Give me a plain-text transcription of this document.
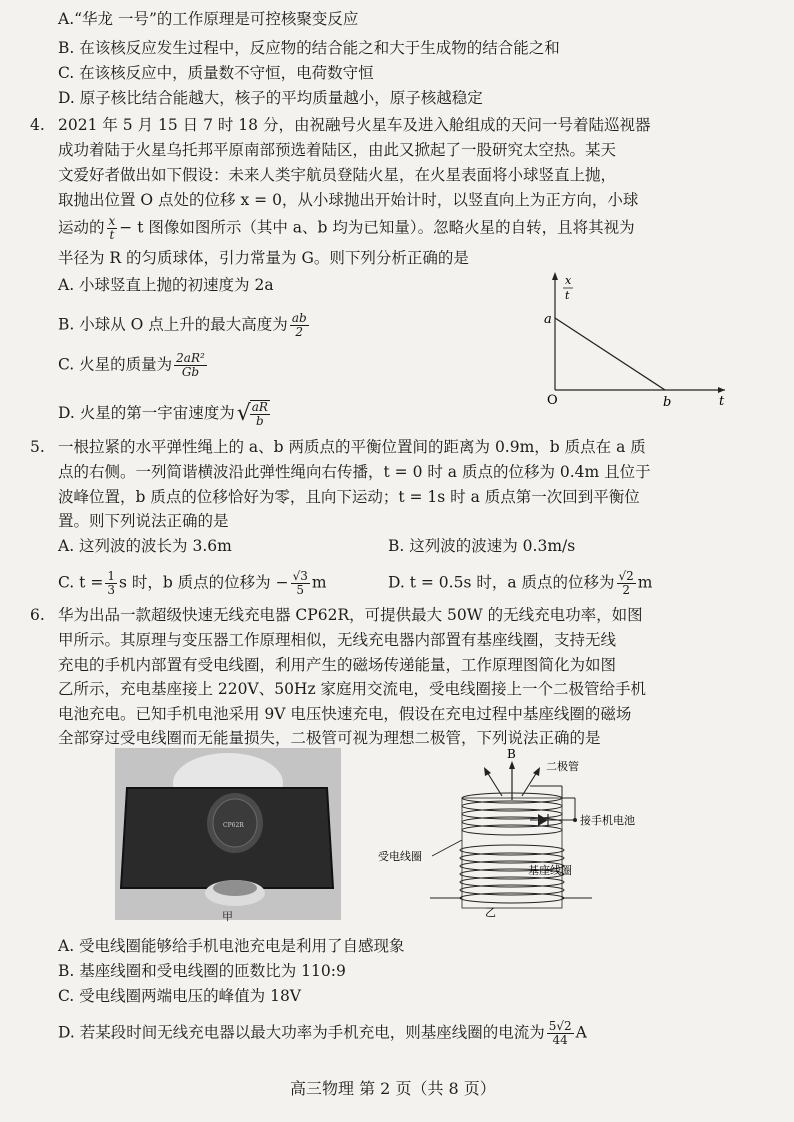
A.“华龙 一号”的工作原理是可控核聚变反应
B. 在该核反应发生过程中，反应物的结合能之和大于生成物的结合能之和
C. 在该核反应中，质量数不守恒，电荷数守恒
D. 原子核比结合能越大，核子的平均质量越小，原子核越稳定
4. 2021 年 5 月 15 日 7 时 18 分，由祝融号火星车及进入舱组成的天问一号着陆巡视器
成功着陆于火星乌托邦平原南部预选着陆区，由此又掀起了一股研究太空热。某天
文爱好者做出如下假设：未来人类宇航员登陆火星，在火星表面将小球竖直上抛，
取抛出位置 O 点处的位移 x = 0，从小球抛出开始计时，以竖直向上为正方向，小球
运动的 $\frac{x}{t} - t$ 图像如图所示（其中 a、b 均为已知量）。忽略火星的自转，且将其视为
半径为 R 的匀质球体，引力常量为 G。则下列分析正确的是
A. 小球竖直上抛的初速度为 2a
B. 小球从 O 点上升的最大高度为 $\frac{ab}{2}$
C. 火星的质量为 $\frac{\text{2aR²}}{Gb}$
D. 火星的第一宇宙速度为√ $\frac{aR}{b}$
x
t
a
O	b	t
5. 一根拉紧的水平弹性绳上的 a、b 两质点的平衡位置间的距离为 0.9m，b 质点在 a 质
点的右侧。一列简谐横波沿此弹性绳向右传播，t = 0 时 a 质点的位移为 0.4m 且位于
波峰位置，b 质点的位移恰好为零，且向下运动；t = 1s 时 a 质点第一次回到平衡位
置。则下列说法正确的是
A. 这列波的波长为 3.6m	B. 这列波的波速为 0.3m/s
C. $t = \frac{1}{3}$ s 时，b 质点的位移为 − $\frac{√3}{5}$ m	D. t = 0.5s 时，a 质点的位移为 $\frac{√2}{2}$ m
6. 华为出品一款超级快速无线充电器 CP62R，可提供最大 50W 的无线充电功率，如图
甲所示。其原理与变压器工作原理相似，无线充电器内部置有基座线圈，支持无线
充电的手机内部置有受电线圈，利用产生的磁场传递能量，工作原理图简化为如图
乙所示，充电基座接上 220V、50Hz 家庭用交流电，受电线圈接上一个二极管给手机
电池充电。已知手机电池采用 9V 电压快速充电，假设在充电过程中基座线圈的磁场
全部穿过受电线圈而无能量损失，二极管可视为理想二极管，下列说法正确的是
CP62R
甲
B
二极管
接手机电池
受电线圈
基座线圈
乙
A. 受电线圈能够给手机电池充电是利用了自感现象
B. 基座线圈和受电线圈的匝数比为 110:9
C. 受电线圈两端电压的峰值为 18V
D. 若某段时间无线充电器以最大功率为手机充电，则基座线圈的电流为 $\frac{5√2}{44}$ A
高三物理 第 2 页（共 8 页）
